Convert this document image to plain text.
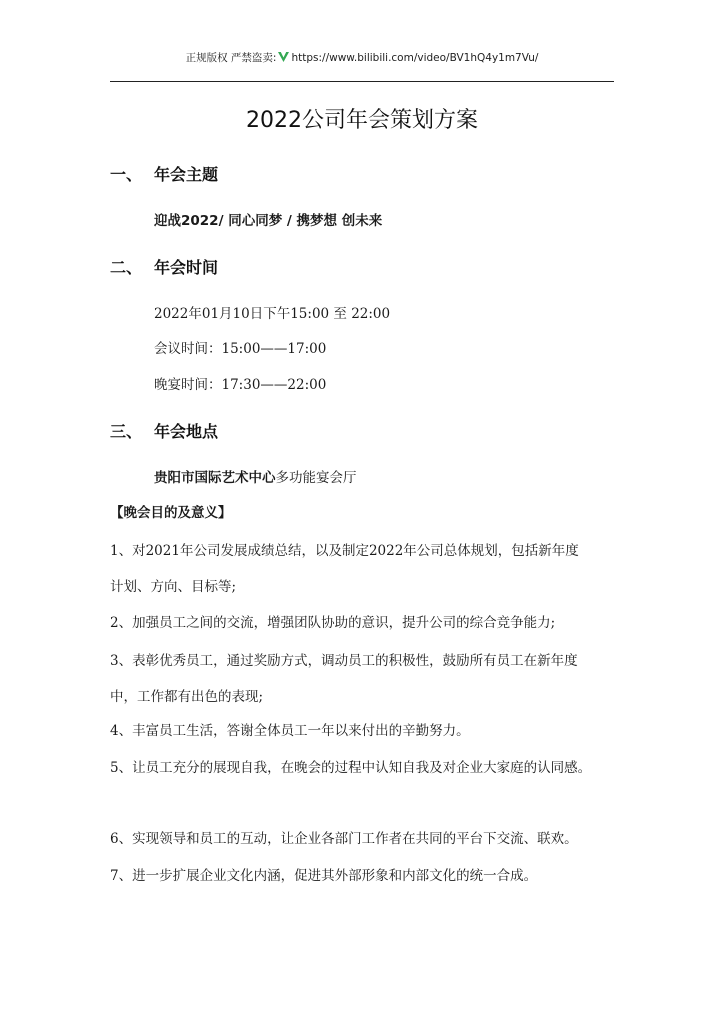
正规版权 严禁盗卖: https://www.bilibili.com/video/BV1hQ4y1m7Vu/
2022公司年会策划方案
一、 年会主题
迎战2022/ 同心同梦 / 携梦想 创未来
二、 年会时间
2022年01月10日下午15:00 至 22:00
会议时间：15:00——17:00
晚宴时间：17:30——22:00
三、 年会地点
贵阳市国际艺术中心多功能宴会厅
【晚会目的及意义】
1、对2021年公司发展成绩总结，以及制定2022年公司总体规划，包括新年度
计划、方向、目标等;
2、加强员工之间的交流，增强团队协助的意识，提升公司的综合竞争能力;
3、表彰优秀员工，通过奖励方式，调动员工的积极性，鼓励所有员工在新年度
中，工作都有出色的表现;
4、丰富员工生活，答谢全体员工一年以来付出的辛勤努力。
5、让员工充分的展现自我，在晚会的过程中认知自我及对企业大家庭的认同感。
6、实现领导和员工的互动，让企业各部门工作者在共同的平台下交流、联欢。
7、进一步扩展企业文化内涵，促进其外部形象和内部文化的统一合成。
